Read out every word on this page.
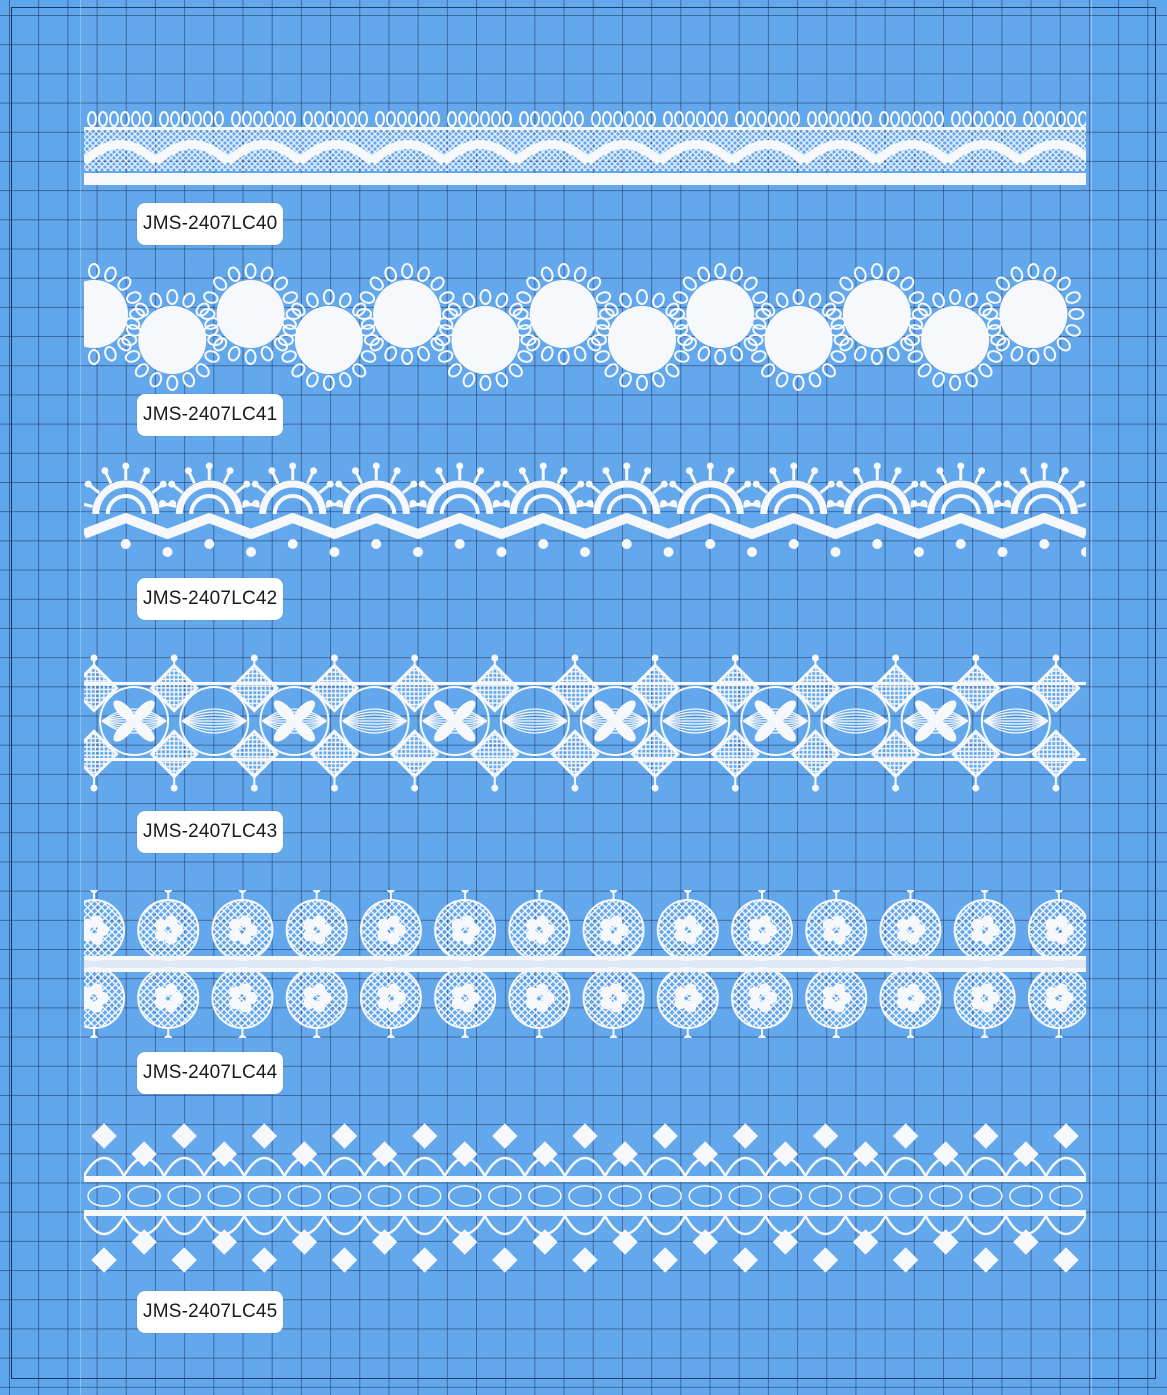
JMS-2407LC40
JMS-2407LC41
JMS-2407LC42
JMS-2407LC43
JMS-2407LC44
JMS-2407LC45
